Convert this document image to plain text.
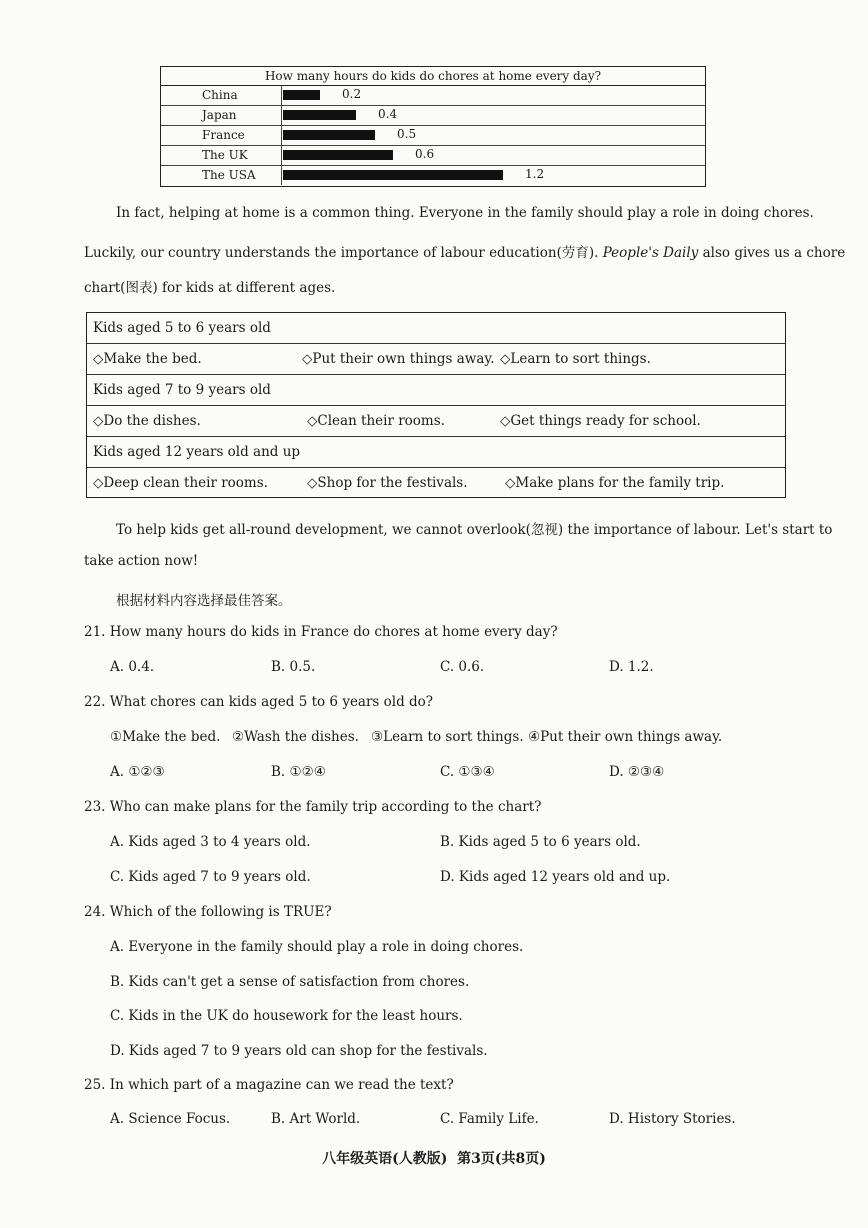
How many hours do kids do chores at home every day?
China	0.2
Japan	0.4
France	0.5
The UK	0.6
The USA	1.2
In fact, helping at home is a common thing. Everyone in the family should play a role in doing chores.
Luckily, our country understands the importance of labour education(劳育). People's Daily also gives us a chore
chart(图表) for kids at different ages.
Kids aged 5 to 6 years old
◇Make the bed.	◇Put their own things away. ◇Learn to sort things.
Kids aged 7 to 9 years old
◇Do the dishes.	◇Clean their rooms.	◇Get things ready for school.
Kids aged 12 years old and up
◇Deep clean their rooms.	◇Shop for the festivals.	◇Make plans for the family trip.
To help kids get all-round development, we cannot overlook(忽视) the importance of labour. Let's start to
take action now!
根据材料内容选择最佳答案。
21. How many hours do kids in France do chores at home every day?
A. 0.4.	B. 0.5.	C. 0.6.	D. 1.2.
22. What chores can kids aged 5 to 6 years old do?
①Make the bed. ②Wash the dishes. ③Learn to sort things. ④Put their own things away.
A. ①②③	B. ①②④	C. ①③④	D. ②③④
23. Who can make plans for the family trip according to the chart?
A. Kids aged 3 to 4 years old.	B. Kids aged 5 to 6 years old.
C. Kids aged 7 to 9 years old.	D. Kids aged 12 years old and up.
24. Which of the following is TRUE?
A. Everyone in the family should play a role in doing chores.
B. Kids can't get a sense of satisfaction from chores.
C. Kids in the UK do housework for the least hours.
D. Kids aged 7 to 9 years old can shop for the festivals.
25. In which part of a magazine can we read the text?
A. Science Focus.	B. Art World.	C. Family Life.	D. History Stories.
八年级英语(人教版)  第3页(共8页)
